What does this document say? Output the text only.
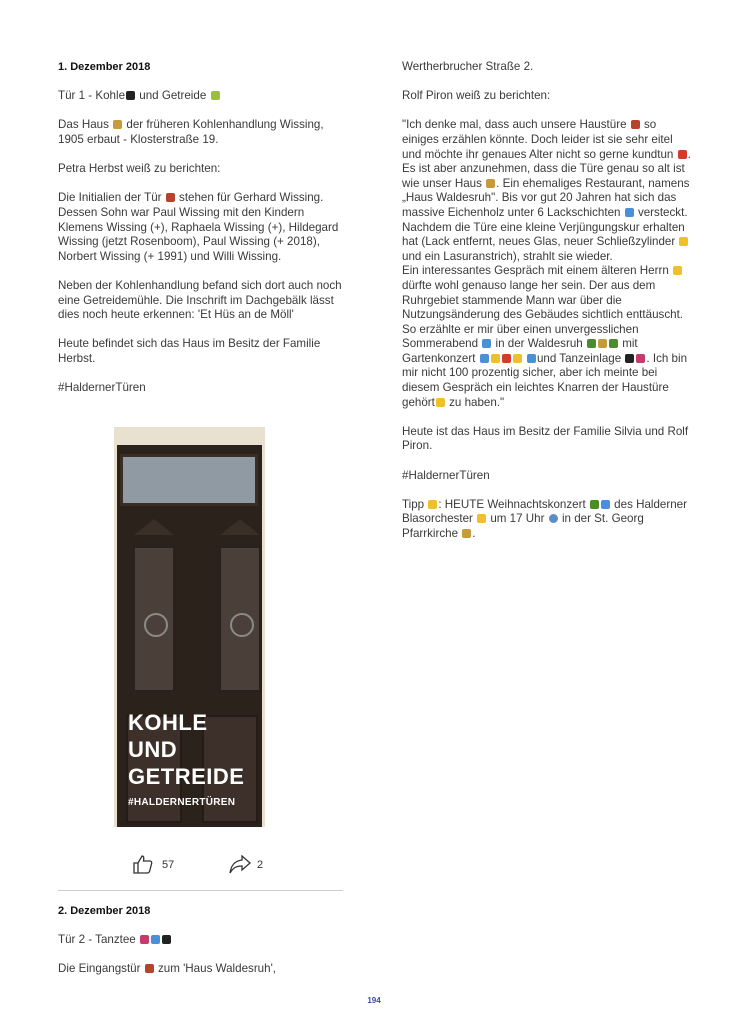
1. Dezember 2018

Tür 1 - Kohle und Getreide

Das Haus der früheren Kohlenhandlung Wissing, 1905 erbaut - Klosterstraße 19.

Petra Herbst weiß zu berichten:

Die Initialien der Tür stehen für Gerhard Wissing. Dessen Sohn war Paul Wissing mit den Kindern Klemens Wissing (+), Raphaela Wissing (+), Hildegard Wissing (jetzt Rosenboom), Paul Wissing (+ 2018), Norbert Wissing (+ 1991) und Willi Wissing.

Neben der Kohlenhandlung befand sich dort auch noch eine Getreidemühle. Die Inschrift im Dachgebälk lässt dies noch heute erkennen: 'Et Hüs an de Möll'

Heute befindet sich das Haus im Besitz der Familie Herbst.

#HaldernerTüren

KOHLE
UND
GETREIDE
#HALDERNERTÜREN
57	2

2. Dezember 2018

Tür 2 - Tanztee

Die Eingangstür zum 'Haus Waldesruh',

Wertherbrucher Straße 2.

Rolf Piron weiß zu berichten:

"Ich denke mal, dass auch unsere Haustüre so einiges erzählen könnte. Doch leider ist sie sehr eitel und möchte ihr genaues Alter nicht so gerne kundtun .

Es ist aber anzunehmen, dass die Türe genau so alt ist wie unser Haus . Ein ehemaliges Restaurant, namens „Haus Waldesruh". Bis vor gut 20 Jahren hat sich das massive Eichenholz unter 6 Lackschichten versteckt. Nachdem die Türe eine kleine Verjüngungskur erhalten hat (Lack entfernt, neues Glas, neuer Schließzylinder  und ein Lasuranstrich), strahlt sie wieder.

Ein interessantes Gespräch mit einem älteren Herrn  dürfte wohl genauso lange her sein. Der aus dem Ruhrgebiet stammende Mann war über die Nutzungsänderung des Gebäudes sichtlich enttäuscht. So erzählte er mir über einen unvergesslichen Sommerabend in der Waldesruh	mit Gartenkonzert	und Tanzeinlage . Ich bin mir nicht 100 prozentig sicher, aber ich meinte bei diesem Gespräch ein leichtes Knarren der Haustüre gehört zu haben."

Heute ist das Haus im Besitz der Familie Silvia und Rolf Piron.

#HaldernerTüren

Tipp : HEUTE Weihnachtskonzert des Halderner Blasorchester um 17 Uhr in der St. Georg Pfarrkirche .

194
